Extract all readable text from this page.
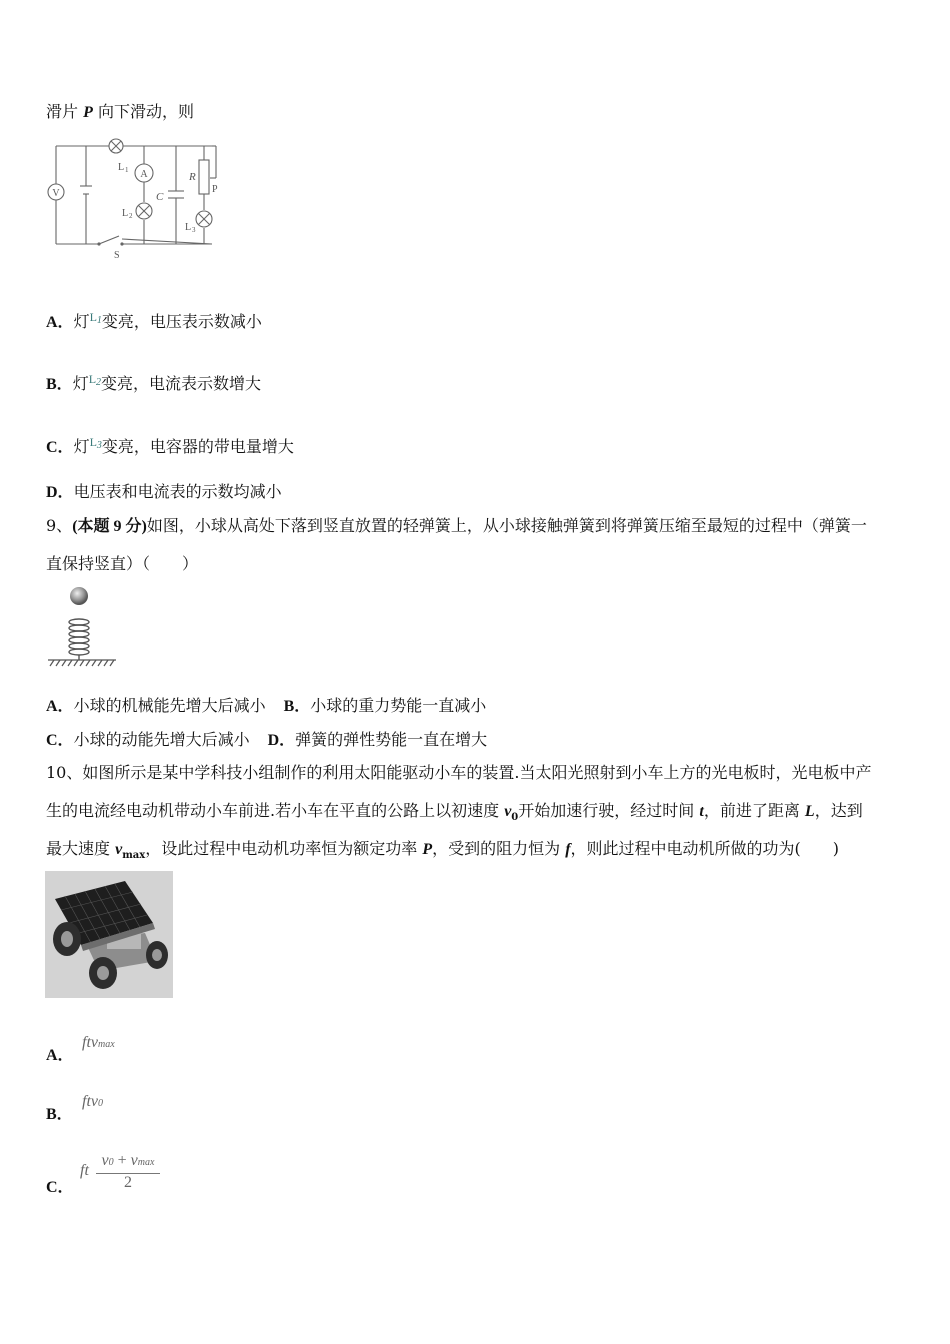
滑片 P 向下滑动，则
V
L 1 A
L 2
C
R
P
L 3
S
A．灯$^{L1}$变亮，电压表示数减小
B．灯$^{L2}$变亮，电流表示数增大
C．灯$^{L3}$变亮，电容器的带电量增大
D．电压表和电流表的示数均减小
9、(本题 9 分)如图，小球从高处下落到竖直放置的轻弹簧上，从小球接触弹簧到将弹簧压缩至最短的过程中（弹簧一
直保持竖直）（　　）
A．小球的机械能先增大后减小 B．小球的重力势能一直减小
C．小球的动能先增大后减小 D．弹簧的弹性势能一直在增大
10、如图所示是某中学科技小组制作的利用太阳能驱动小车的装置.当太阳光照射到小车上方的光电板时，光电板中产
生的电流经电动机带动小车前进.若小车在平直的公路上以初速度 $v_0$开始加速行驶，经过时间 t，前进了距离 L，达到
最大速度 $v_{max}$，设此过程中电动机功率恒为额定功率 P，受到的阻力恒为 f，则此过程中电动机所做的功为(　　)
A．
ftvmax
B．
ftv0
C．
ft
v0 + vmax
2
